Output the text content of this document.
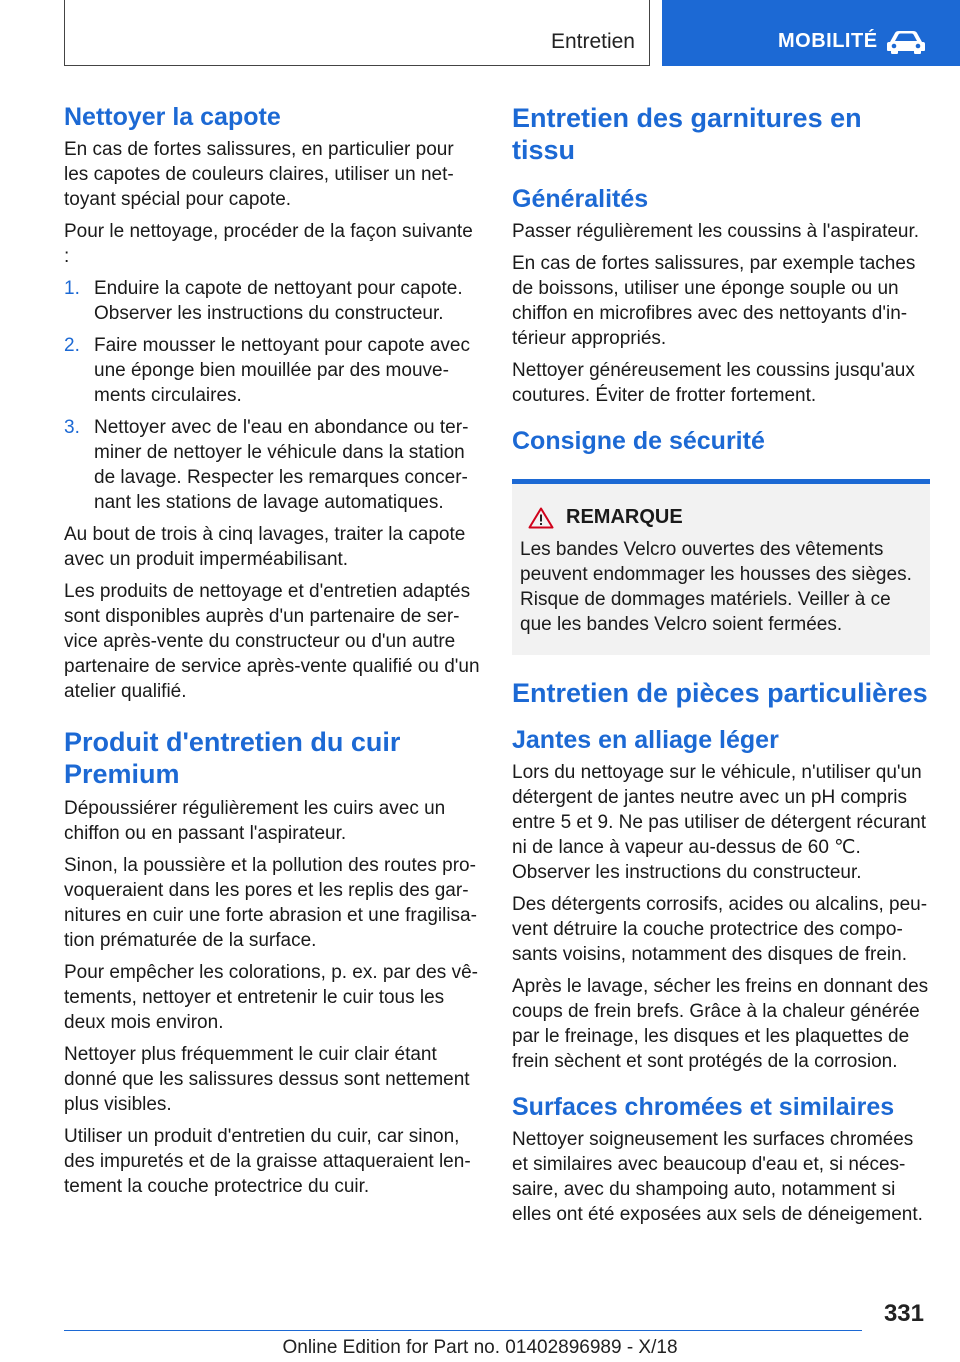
Entretien	MOBILITÉ
Nettoyer la capote

En cas de fortes salissures, en particulier pour les capotes de couleurs claires, utiliser un nettoyant spécial pour capote.

Pour le nettoyage, procéder de la façon suivante :

1. Enduire la capote de nettoyant pour capote. Observer les instructions du constructeur.
2. Faire mousser le nettoyant pour capote avec une éponge bien mouillée par des mouvements circulaires.
3. Nettoyer avec de l'eau en abondance ou terminer de nettoyer le véhicule dans la station de lavage. Respecter les remarques concernant les stations de lavage automatiques.

Au bout de trois à cinq lavages, traiter la capote avec un produit imperméabilisant.

Les produits de nettoyage et d'entretien adaptés sont disponibles auprès d'un partenaire de service après-vente du constructeur ou d'un autre partenaire de service après-vente qualifié ou d'un atelier qualifié.

Produit d'entretien du cuir Premium

Dépoussiérer régulièrement les cuirs avec un chiffon ou en passant l'aspirateur.

Sinon, la poussière et la pollution des routes provoqueraient dans les pores et les replis des garnitures en cuir une forte abrasion et une fragilisation prématurée de la surface.

Pour empêcher les colorations, p. ex. par des vêtements, nettoyer et entretenir le cuir tous les deux mois environ.

Nettoyer plus fréquemment le cuir clair étant donné que les salissures dessus sont nettement plus visibles.

Utiliser un produit d'entretien du cuir, car sinon, des impuretés et de la graisse attaqueraient lentement la couche protectrice du cuir.

Entretien des garnitures en tissu
Généralités

Passer régulièrement les coussins à l'aspirateur.

En cas de fortes salissures, par exemple taches de boissons, utiliser une éponge souple ou un chiffon en microfibres avec des nettoyants d'intérieur appropriés.

Nettoyer généreusement les coussins jusqu'aux coutures. Éviter de frotter fortement.

Consigne de sécurité
REMARQUE

Les bandes Velcro ouvertes des vêtements peuvent endommager les housses des sièges. Risque de dommages matériels. Veiller à ce que les bandes Velcro soient fermées.

Entretien de pièces particulières
Jantes en alliage léger

Lors du nettoyage sur le véhicule, n'utiliser qu'un détergent de jantes neutre avec un pH compris entre 5 et 9. Ne pas utiliser de détergent récurant ni de lance à vapeur au-dessus de 60 ℃. Observer les instructions du constructeur.

Des détergents corrosifs, acides ou alcalins, peuvent détruire la couche protectrice des composants voisins, notamment des disques de frein.

Après le lavage, sécher les freins en donnant des coups de frein brefs. Grâce à la chaleur générée par le freinage, les disques et les plaquettes de frein sèchent et sont protégés de la corrosion.

Surfaces chromées et similaires

Nettoyer soigneusement les surfaces chromées et similaires avec beaucoup d'eau et, si nécessaire, avec du shampoing auto, notamment si elles ont été exposées aux sels de déneigement.

331
Online Edition for Part no. 01402896989 - X/18
